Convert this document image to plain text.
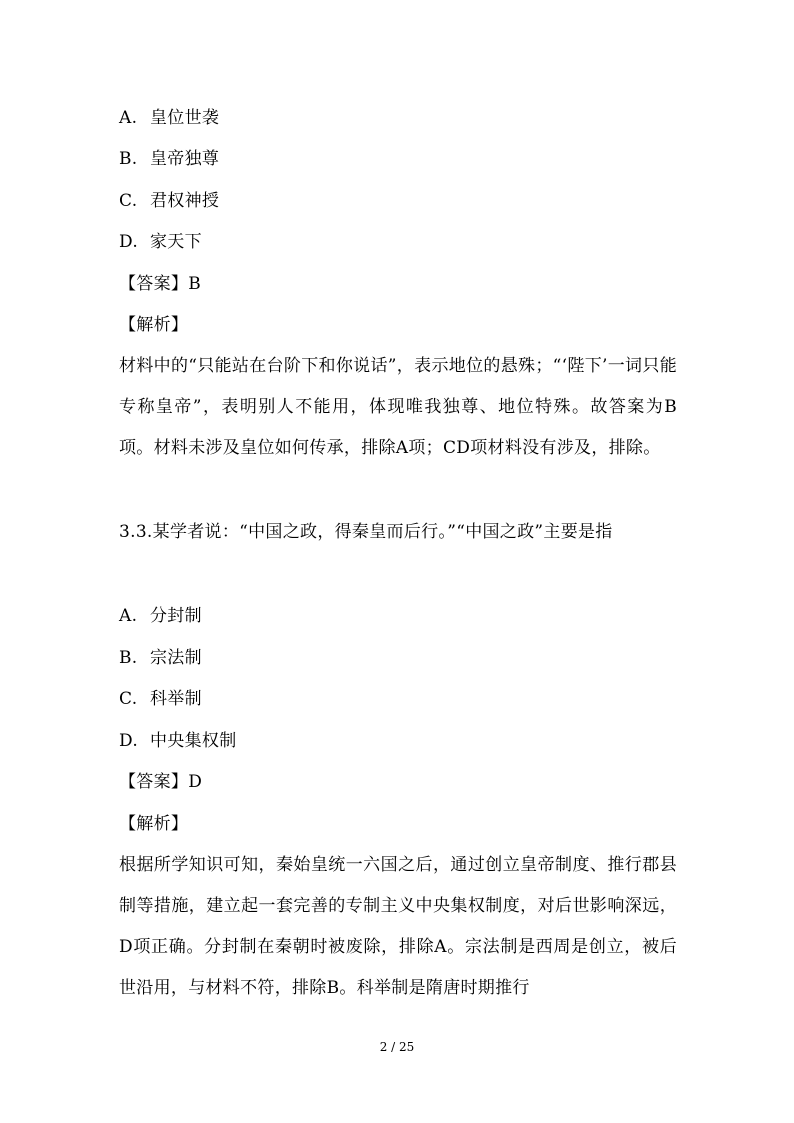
A. 皇位世袭
B. 皇帝独尊
C. 君权神授
D. 家天下
【答案】B
【解析】
材料中的“只能站在台阶下和你说话”，表示地位的悬殊；“‘陛下’一词只能专称皇帝”，表明别人不能用，体现唯我独尊、地位特殊。故答案为B项。材料未涉及皇位如何传承，排除A项；CD项材料没有涉及，排除。
3.3.某学者说：“中国之政，得秦皇而后行。”“中国之政”主要是指
A. 分封制
B. 宗法制
C. 科举制
D. 中央集权制
【答案】D
【解析】
根据所学知识可知，秦始皇统一六国之后，通过创立皇帝制度、推行郡县制等措施，建立起一套完善的专制主义中央集权制度，对后世影响深远，D项正确。分封制在秦朝时被废除，排除A。宗法制是西周是创立，被后世沿用，与材料不符，排除B。科举制是隋唐时期推行
2 / 25
